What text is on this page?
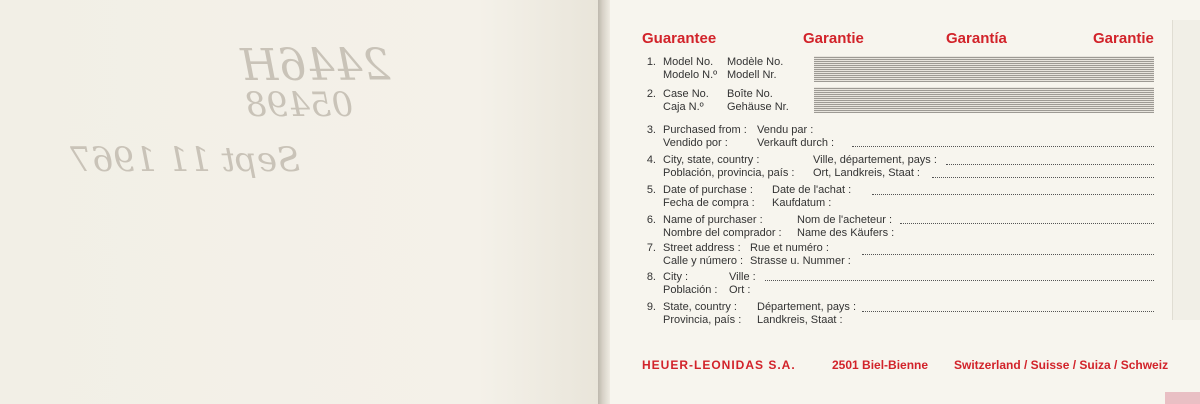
2446H
05498
Sept 11 1967
Guarantee	Garantie	Garantía	Garantie
1. Model No. Modèle No.
Modelo N.º Modell Nr.
2. Case No. Boîte No.
Caja N.º Gehäuse Nr.
3. Purchased from : Vendu par :
Vendido por :	Verkauft durch :
4. City, state, country :	Ville, département, pays :
Población, provincia, país : Ort, Landkreis, Staat :
5. Date of purchase : Date de l'achat :
Fecha de compra : Kaufdatum :
6. Name of purchaser :	Nom de l'acheteur :
Nombre del comprador : Name des Käufers :
7. Street address : Rue et numéro :
Calle y número : Strasse u. Nummer :
8. City :	Ville :
Población : Ort :
9. State, country : Département, pays :
Provincia, país : Landkreis, Staat :
HEUER-LEONIDAS S.A.	2501 Biel-Bienne Switzerland / Suisse / Suiza / Schweiz
